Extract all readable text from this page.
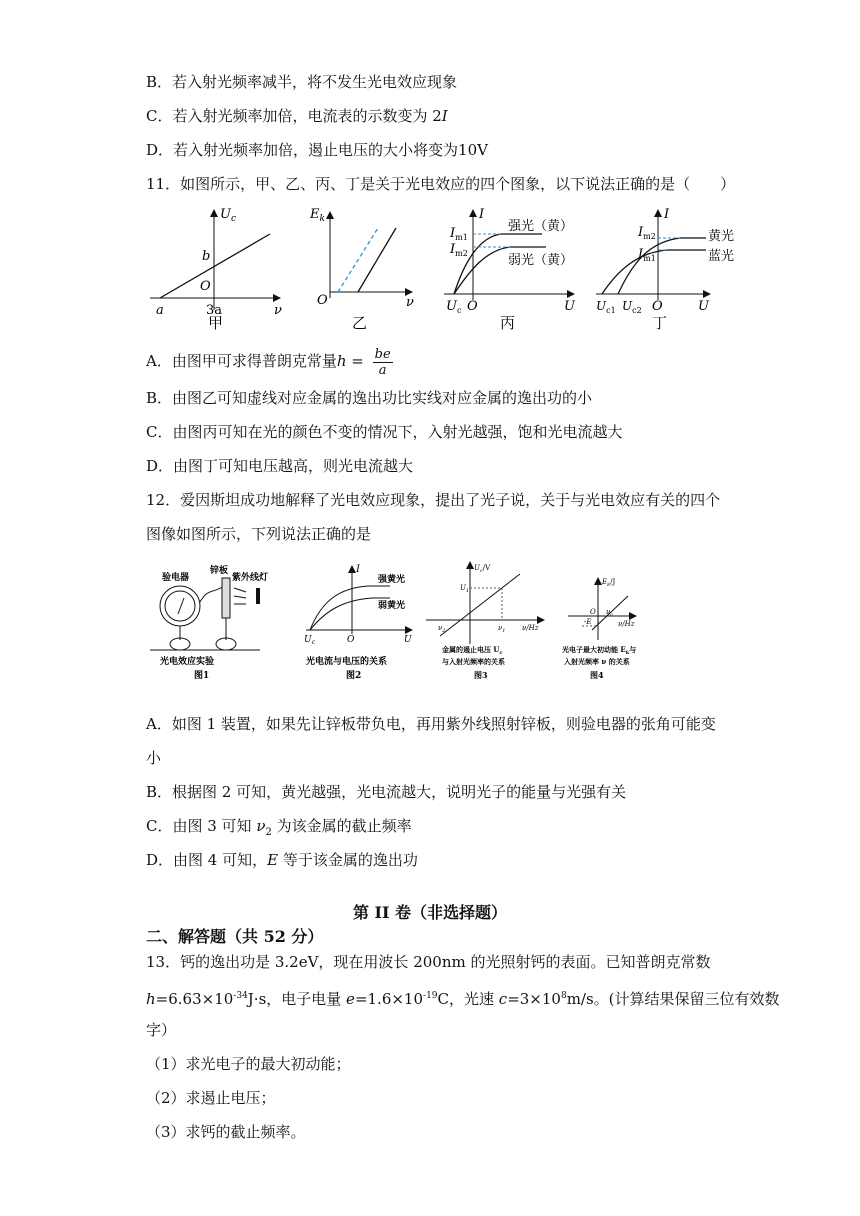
B．若入射光频率减半，将不发生光电效应现象
C．若入射光频率加倍，电流表的示数变为 2I
D．若入射光频率加倍，遏止电压的大小将变为10V
11．如图所示，甲、乙、丙、丁是关于光电效应的四个图象，以下说法正确的是（　　）
$U_c$
b
O
a	3a	ν
甲
$E_k$
O	ν
乙
I
$I_{m1}$
$I_{m2}$
强光（黄）
弱光（黄）
$U_c$ O	U
丙
I
$I_{m2}$
$I_{m1}$
黄光
蓝光
$U_{c1}$ $U_{c2}$ O	U
丁
A．由图甲可求得普朗克常量$h = \frac{be}{a}$
B．由图乙可知虚线对应金属的逸出功比实线对应金属的逸出功的小
C．由图丙可知在光的颜色不变的情况下，入射光越强，饱和光电流越大
D．由图丁可知电压越高，则光电流越大
12．爱因斯坦成功地解释了光电效应现象，提出了光子说，关于与光电效应有关的四个
图像如图所示，下列说法正确的是
验电器
锌板
紫外线灯
光电效应实验
图1
I
强黄光
弱黄光
$U_c$	O	U
光电流与电压的关系
图2
$U_c/V$
$U_1$
$\nu_2$	$\nu_1$ ν/Hz
金属的遏止电压 $U_c$
与入射光频率的关系
图3
$E_k/J$
O $\nu_c$
-E	ν/Hz
光电子最大初动能 $E_k$与
入射光频率 ν 的关系
图4
A．如图 1 装置，如果先让锌板带负电，再用紫外线照射锌板，则验电器的张角可能变
小
B．根据图 2 可知，黄光越强，光电流越大，说明光子的能量与光强有关
C．由图 3 可知 $\nu_2$ 为该金属的截止频率
D．由图 4 可知，E 等于该金属的逸出功
第 II 卷（非选择题）
二、解答题（共 52 分）
13．钙的逸出功是 3.2eV，现在用波长 200nm 的光照射钙的表面。已知普朗克常数
$h=6.63\times 10^{-34}J\cdot s$，电子电量 $e=1.6\times 10^{-19}C$，光速 $c=3\times 10^8m/s$。(计算结果保留三位有效数
字）
（1）求光电子的最大初动能；
（2）求遏止电压；
（3）求钙的截止频率。
